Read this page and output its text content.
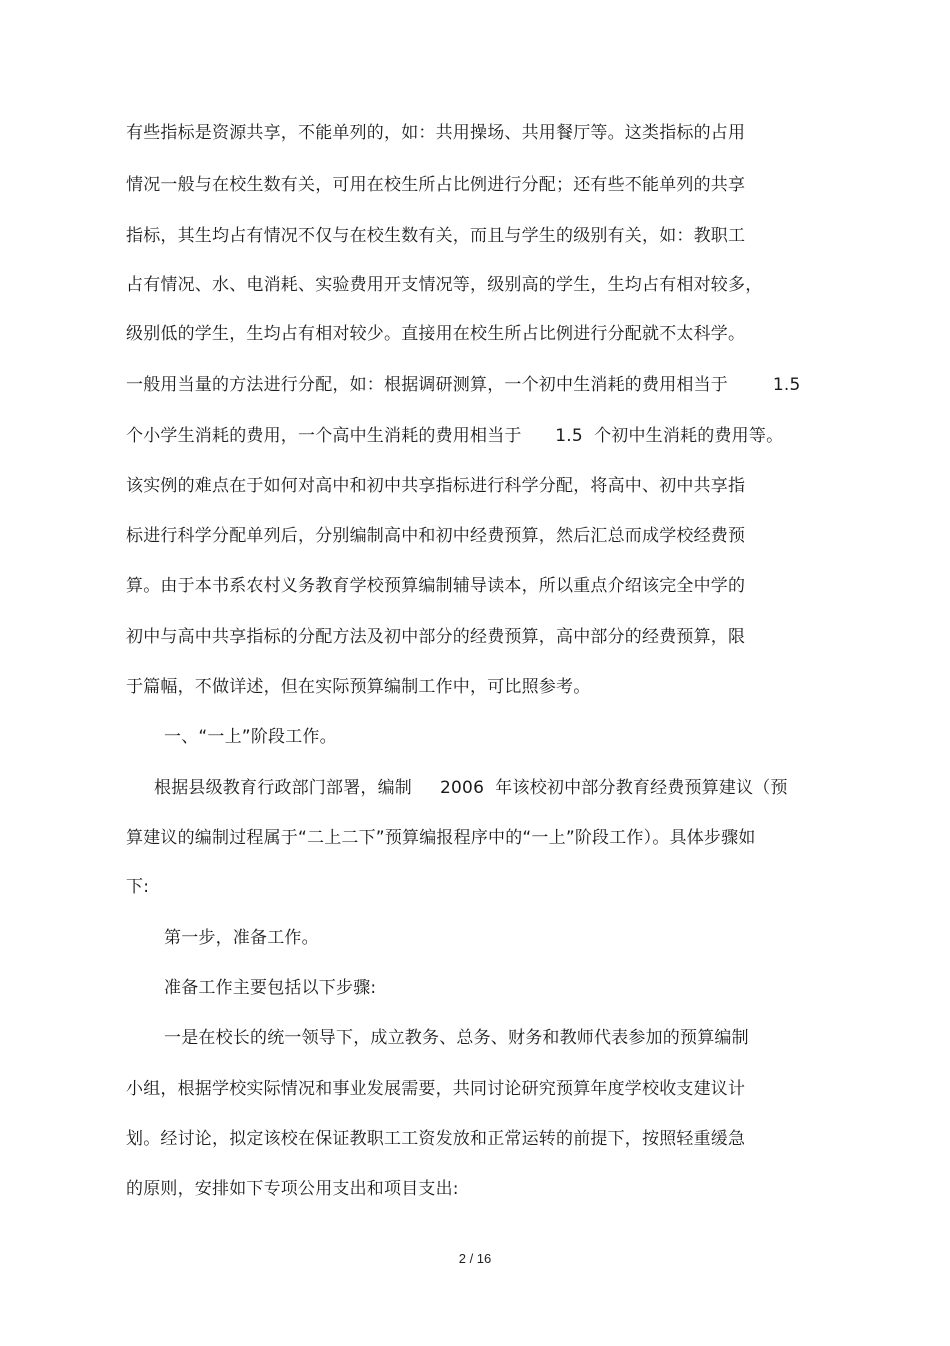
有些指标是资源共享，不能单列的，如：共用操场、共用餐厅等。这类指标的占用
情况一般与在校生数有关，可用在校生所占比例进行分配；还有些不能单列的共享
指标，其生均占有情况不仅与在校生数有关，而且与学生的级别有关，如：教职工
占有情况、水、电消耗、实验费用开支情况等，级别高的学生，生均占有相对较多，
级别低的学生，生均占有相对较少。直接用在校生所占比例进行分配就不太科学。
一般用当量的方法进行分配，如：根据调研测算，一个初中生消耗的费用相当于        1.5
个小学生消耗的费用，一个高中生消耗的费用相当于      1.5  个初中生消耗的费用等。
该实例的难点在于如何对高中和初中共享指标进行科学分配，将高中、初中共享指
标进行科学分配单列后，分别编制高中和初中经费预算，然后汇总而成学校经费预
算。由于本书系农村义务教育学校预算编制辅导读本，所以重点介绍该完全中学的
初中与高中共享指标的分配方法及初中部分的经费预算，高中部分的经费预算，限
于篇幅，不做详述，但在实际预算编制工作中，可比照参考。
一、“一上”阶段工作。
根据县级教育行政部门部署，编制     2006  年该校初中部分教育经费预算建议（预
算建议的编制过程属于“二上二下”预算编报程序中的“一上”阶段工作）。具体步骤如
下:
第一步，准备工作。
准备工作主要包括以下步骤:
一是在校长的统一领导下，成立教务、总务、财务和教师代表参加的预算编制
小组，根据学校实际情况和事业发展需要，共同讨论研究预算年度学校收支建议计
划。经讨论，拟定该校在保证教职工工资发放和正常运转的前提下，按照轻重缓急
的原则，安排如下专项公用支出和项目支出:
2 / 16
